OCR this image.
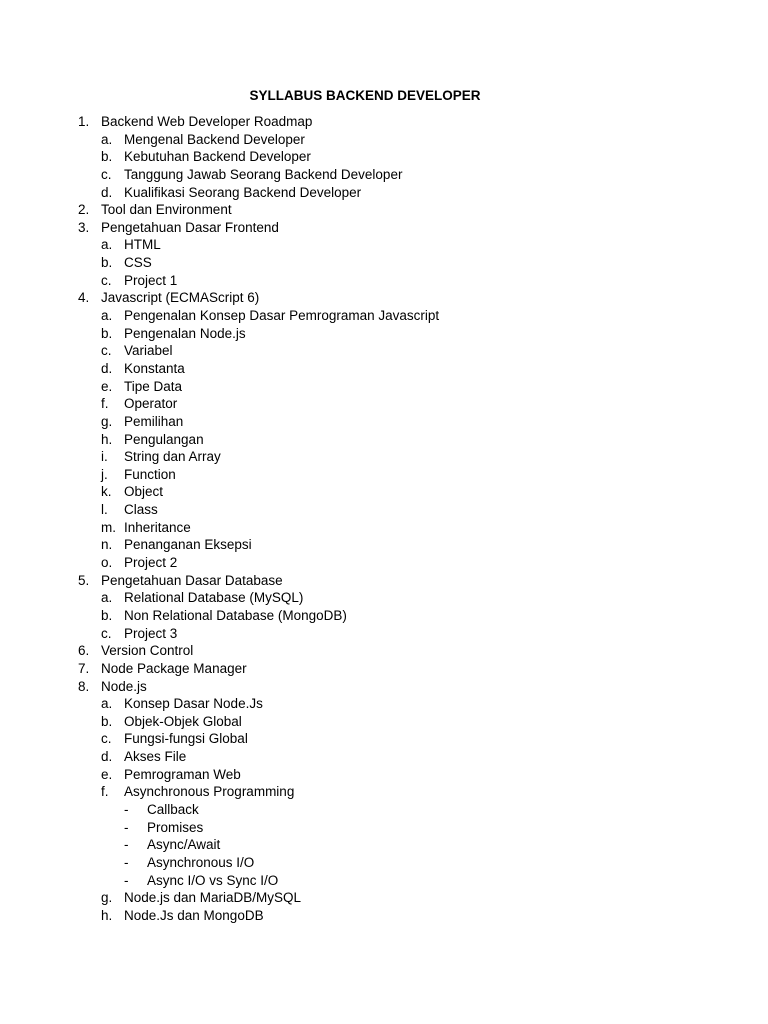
SYLLABUS BACKEND DEVELOPER
1. Backend Web Developer Roadmap
a. Mengenal Backend Developer
b. Kebutuhan Backend Developer
c. Tanggung Jawab Seorang Backend Developer
d. Kualifikasi Seorang Backend Developer
2. Tool dan Environment
3. Pengetahuan Dasar Frontend
a. HTML
b. CSS
c. Project 1
4. Javascript (ECMAScript 6)
a. Pengenalan Konsep Dasar Pemrograman Javascript
b. Pengenalan Node.js
c. Variabel
d. Konstanta
e. Tipe Data
f. Operator
g. Pemilihan
h. Pengulangan
i. String dan Array
j. Function
k. Object
l. Class
m. Inheritance
n. Penanganan Eksepsi
o. Project 2
5. Pengetahuan Dasar Database
a. Relational Database (MySQL)
b. Non Relational Database (MongoDB)
c. Project 3
6. Version Control
7. Node Package Manager
8. Node.js
a. Konsep Dasar Node.Js
b. Objek-Objek Global
c. Fungsi-fungsi Global
d. Akses File
e. Pemrograman Web
f. Asynchronous Programming
- Callback
- Promises
- Async/Await
- Asynchronous I/O
- Async I/O vs Sync I/O
g. Node.js dan MariaDB/MySQL
h. Node.Js dan MongoDB
